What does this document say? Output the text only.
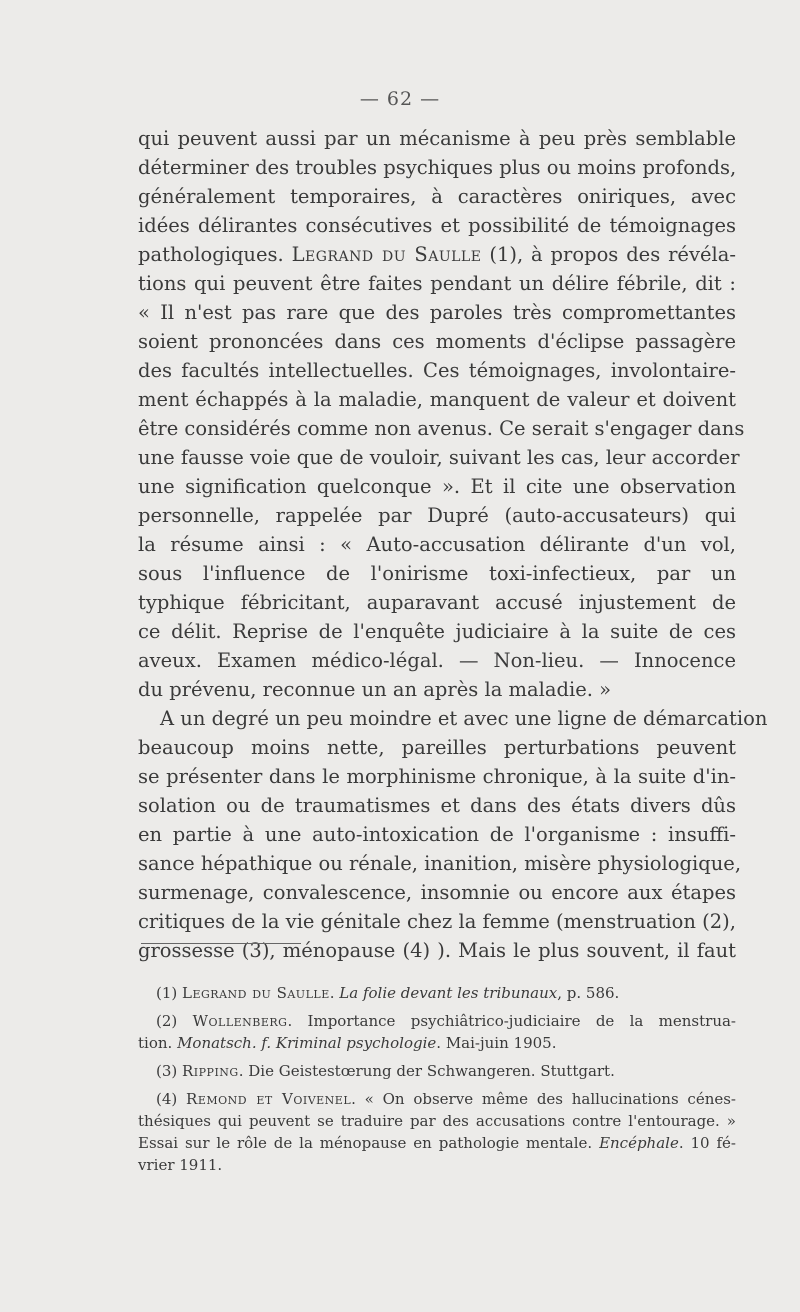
— 62 —
qui peuvent aussi par un mécanisme à peu près semblable
déterminer des troubles psychiques plus ou moins profonds,
généralement temporaires, à caractères oniriques, avec
idées délirantes consécutives et possibilité de témoignages
pathologiques. Legrand du Saulle (1), à propos des révéla-
tions qui peuvent être faites pendant un délire fébrile, dit :
« Il n'est pas rare que des paroles très compromettantes
soient prononcées dans ces moments d'éclipse passagère
des facultés intellectuelles. Ces témoignages, involontaire-
ment échappés à la maladie, manquent de valeur et doivent
être considérés comme non avenus. Ce serait s'engager dans
une fausse voie que de vouloir, suivant les cas, leur accorder
une signification quelconque ». Et il cite une observation
personnelle, rappelée par Dupré (auto-accusateurs) qui
la résume ainsi : « Auto-accusation délirante d'un vol,
sous l'influence de l'onirisme toxi-infectieux, par un
typhique fébricitant, auparavant accusé injustement de
ce délit. Reprise de l'enquête judiciaire à la suite de ces
aveux. Examen médico-légal. — Non-lieu. — Innocence
du prévenu, reconnue un an après la maladie. »
A un degré un peu moindre et avec une ligne de démarcation
beaucoup moins nette, pareilles perturbations peuvent
se présenter dans le morphinisme chronique, à la suite d'in-
solation ou de traumatismes et dans des états divers dûs
en partie à une auto-intoxication de l'organisme : insuffi-
sance hépathique ou rénale, inanition, misère physiologique,
surmenage, convalescence, insomnie ou encore aux étapes
critiques de la vie génitale chez la femme (menstruation (2),
grossesse (3), ménopause (4) ). Mais le plus souvent, il faut
(1) Legrand du Saulle. La folie devant les tribunaux, p. 586.
(2) Wollenberg. Importance psychiâtrico-judiciaire de la menstrua-
tion. Monatsch. f. Kriminal psychologie. Mai-juin 1905.
(3) Ripping. Die Geistestœrung der Schwangeren. Stuttgart.
(4) Remond et Voivenel. « On observe même des hallucinations cénes-
thésiques qui peuvent se traduire par des accusations contre l'entourage. »
Essai sur le rôle de la ménopause en pathologie mentale. Encéphale. 10 fé-
vrier 1911.
